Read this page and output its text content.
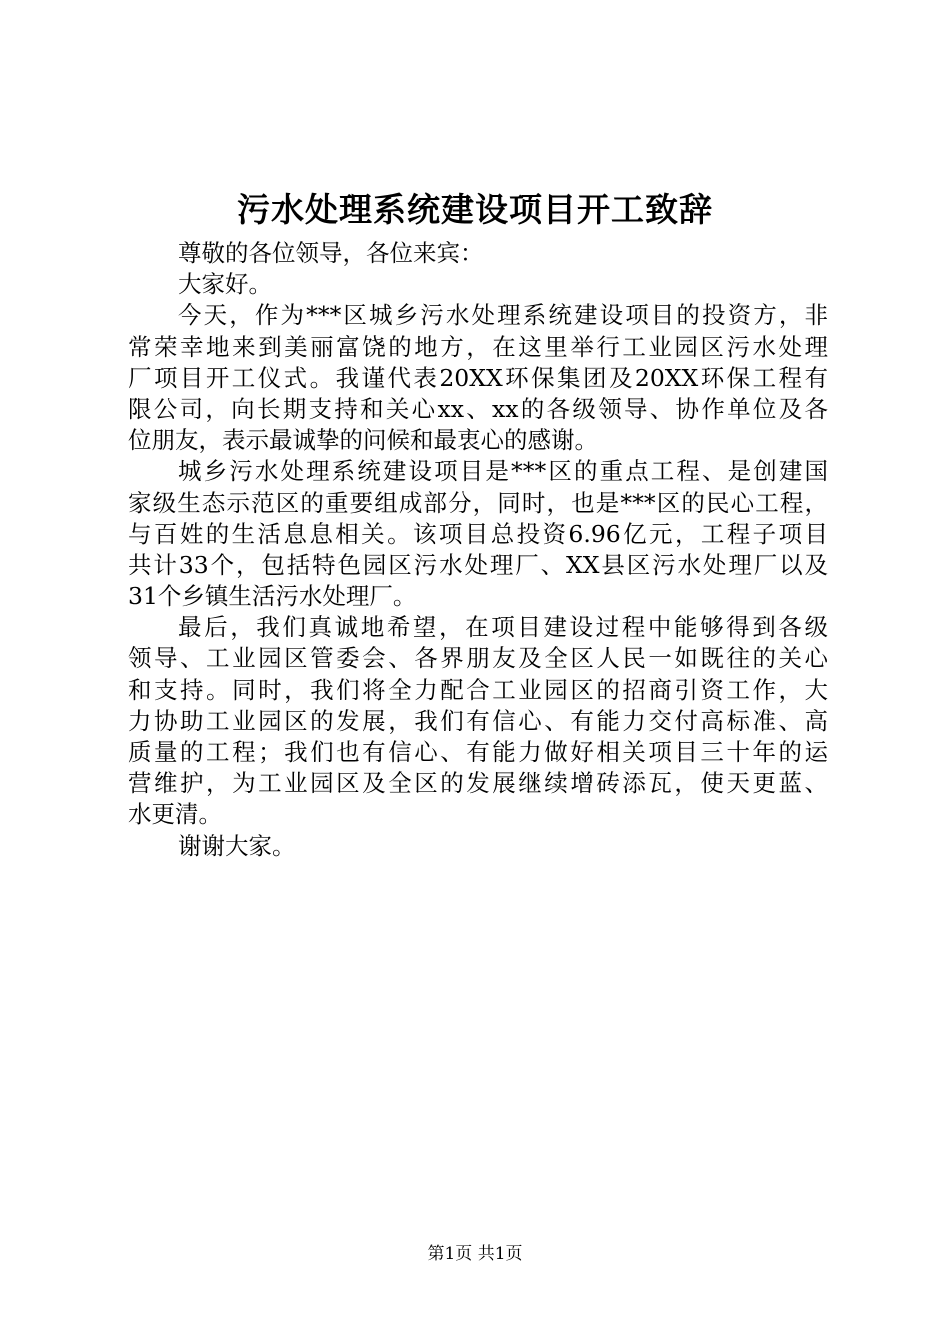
污水处理系统建设项目开工致辞
尊敬的各位领导，各位来宾：
大家好。
今天，作为***区城乡污水处理系统建设项目的投资方，非
常荣幸地来到美丽富饶的地方，在这里举行工业园区污水处理
厂项目开工仪式。我谨代表20XX环保集团及20XX环保工程有
限公司，向长期支持和关心xx、xx的各级领导、协作单位及各
位朋友，表示最诚挚的问候和最衷心的感谢。
城乡污水处理系统建设项目是***区的重点工程、是创建国
家级生态示范区的重要组成部分，同时，也是***区的民心工程，
与百姓的生活息息相关。该项目总投资6.96亿元，工程子项目
共计33个，包括特色园区污水处理厂、XX县区污水处理厂以及
31个乡镇生活污水处理厂。
最后，我们真诚地希望，在项目建设过程中能够得到各级
领导、工业园区管委会、各界朋友及全区人民一如既往的关心
和支持。同时，我们将全力配合工业园区的招商引资工作，大
力协助工业园区的发展，我们有信心、有能力交付高标准、高
质量的工程；我们也有信心、有能力做好相关项目三十年的运
营维护，为工业园区及全区的发展继续增砖添瓦，使天更蓝、
水更清。
谢谢大家。
第1页 共1页
